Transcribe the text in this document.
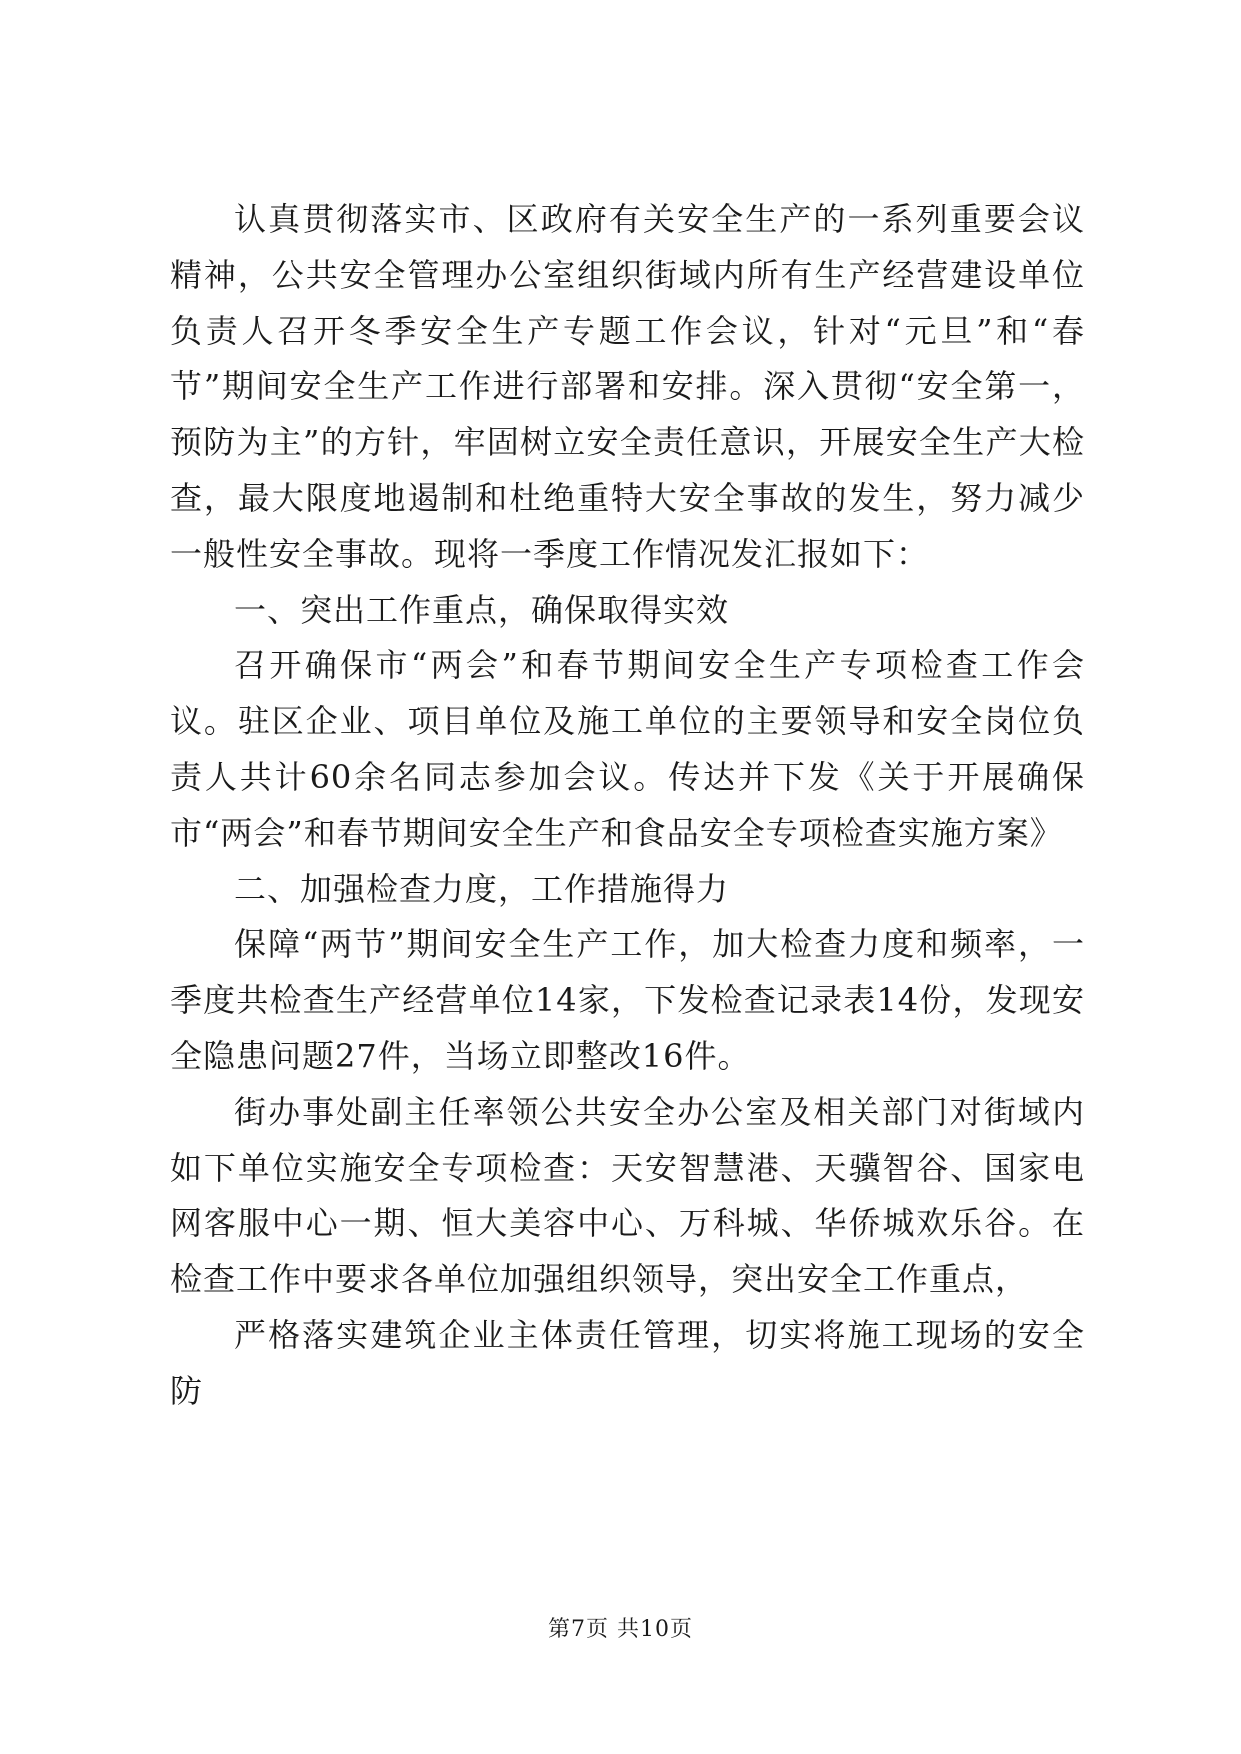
认真贯彻落实市、区政府有关安全生产的一系列重要会议精神，公共安全管理办公室组织街域内所有生产经营建设单位负责人召开冬季安全生产专题工作会议，针对“元旦”和“春节”期间安全生产工作进行部署和安排。深入贯彻“安全第一，预防为主”的方针，牢固树立安全责任意识，开展安全生产大检查，最大限度地遏制和杜绝重特大安全事故的发生，努力减少一般性安全事故。现将一季度工作情况发汇报如下：

一、突出工作重点，确保取得实效

召开确保市“两会”和春节期间安全生产专项检查工作会议。驻区企业、项目单位及施工单位的主要领导和安全岗位负责人共计60余名同志参加会议。传达并下发《关于开展确保市“两会”和春节期间安全生产和食品安全专项检查实施方案》

二、加强检查力度，工作措施得力

保障“两节”期间安全生产工作，加大检查力度和频率，一季度共检查生产经营单位14家，下发检查记录表14份，发现安全隐患问题27件，当场立即整改16件。

街办事处副主任率领公共安全办公室及相关部门对街域内如下单位实施安全专项检查：天安智慧港、天骥智谷、国家电网客服中心一期、恒大美容中心、万科城、华侨城欢乐谷。在检查工作中要求各单位加强组织领导，突出安全工作重点，

严格落实建筑企业主体责任管理，切实将施工现场的安全防

第7页 共10页
